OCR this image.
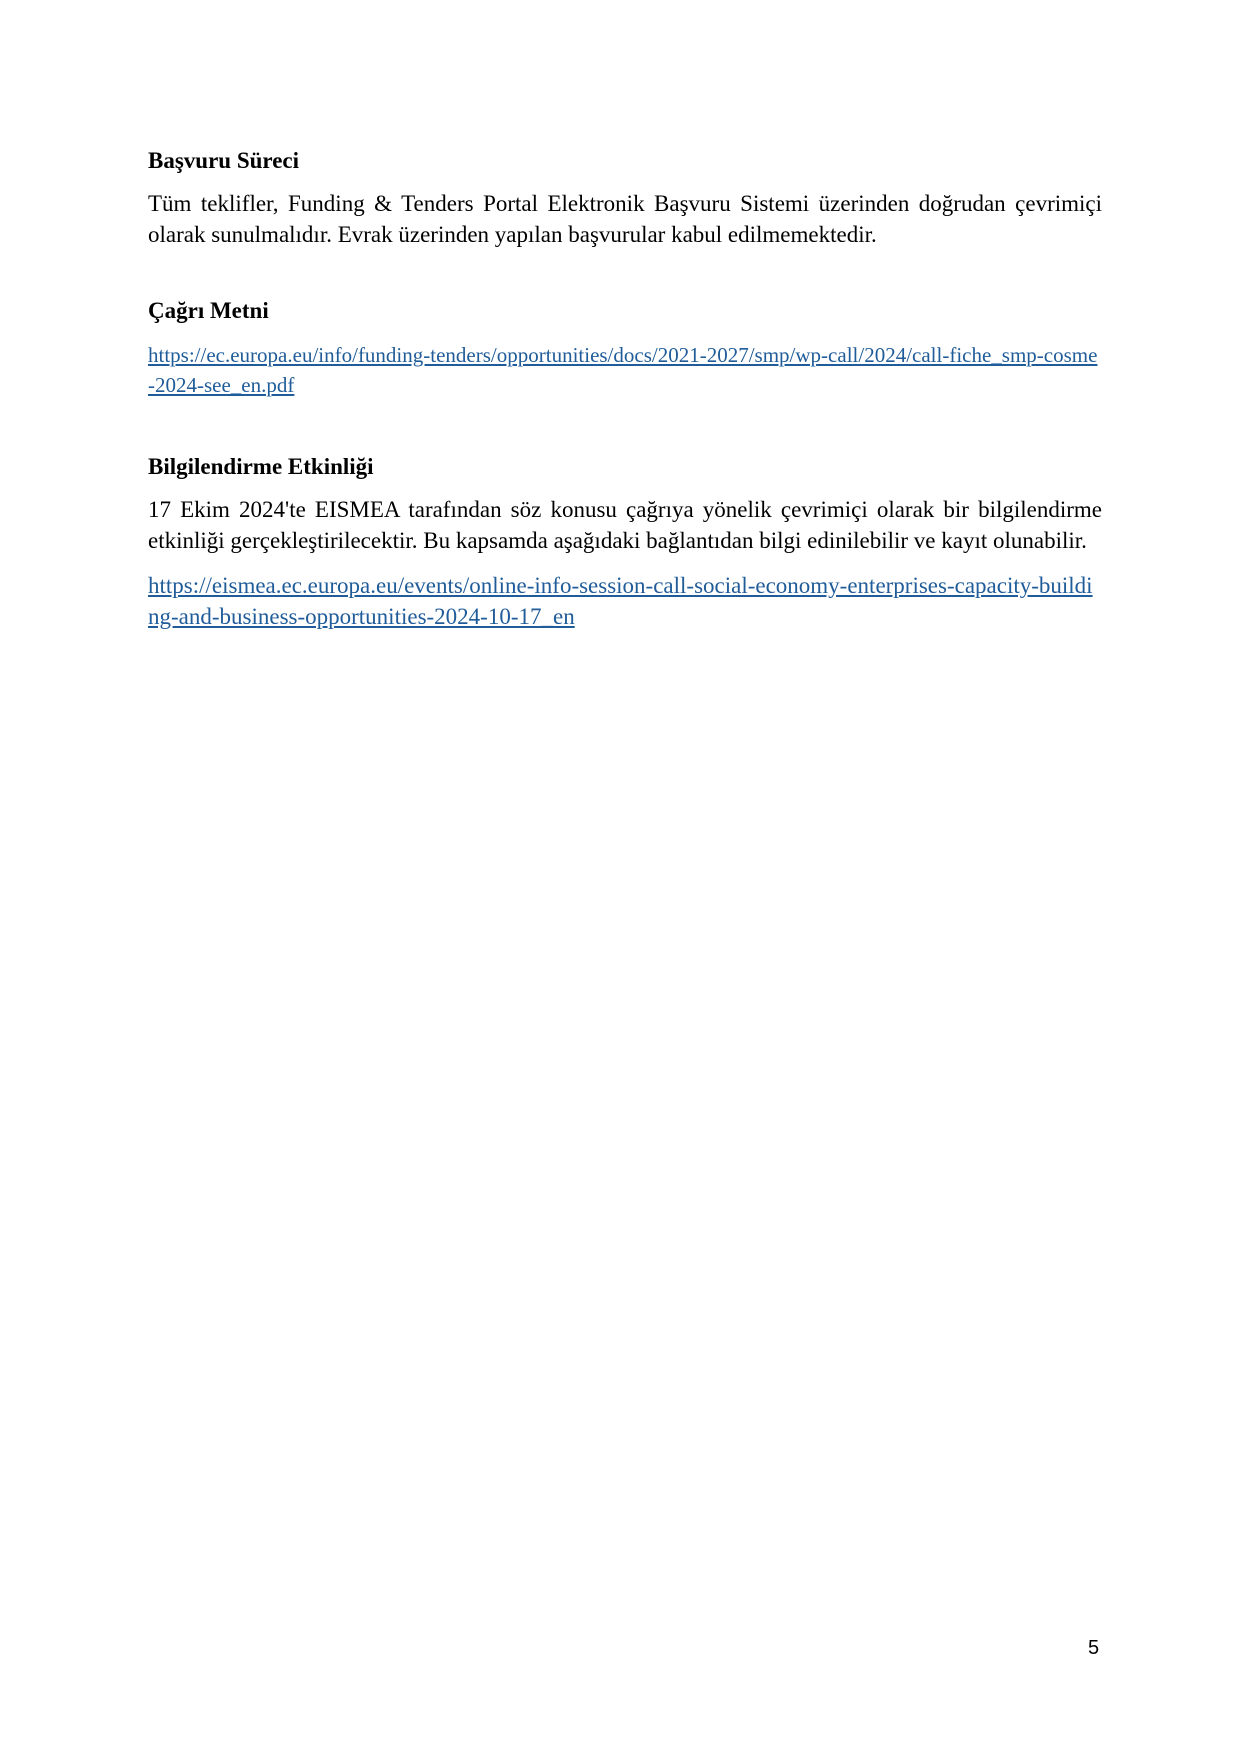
Başvuru Süreci

Tüm teklifler, Funding & Tenders Portal Elektronik Başvuru Sistemi üzerinden doğrudan çevrimiçi olarak sunulmalıdır. Evrak üzerinden yapılan başvurular kabul edilmemektedir.

Çağrı Metni

https://ec.europa.eu/info/funding-tenders/opportunities/docs/2021-2027/smp/wp-call/2024/call-fiche_smp-cosme-2024-see_en.pdf

Bilgilendirme Etkinliği

17 Ekim 2024'te EISMEA tarafından söz konusu çağrıya yönelik çevrimiçi olarak bir bilgilendirme etkinliği gerçekleştirilecektir. Bu kapsamda aşağıdaki bağlantıdan bilgi edinilebilir ve kayıt olunabilir.

https://eismea.ec.europa.eu/events/online-info-session-call-social-economy-enterprises-capacity-building-and-business-opportunities-2024-10-17_en

5
